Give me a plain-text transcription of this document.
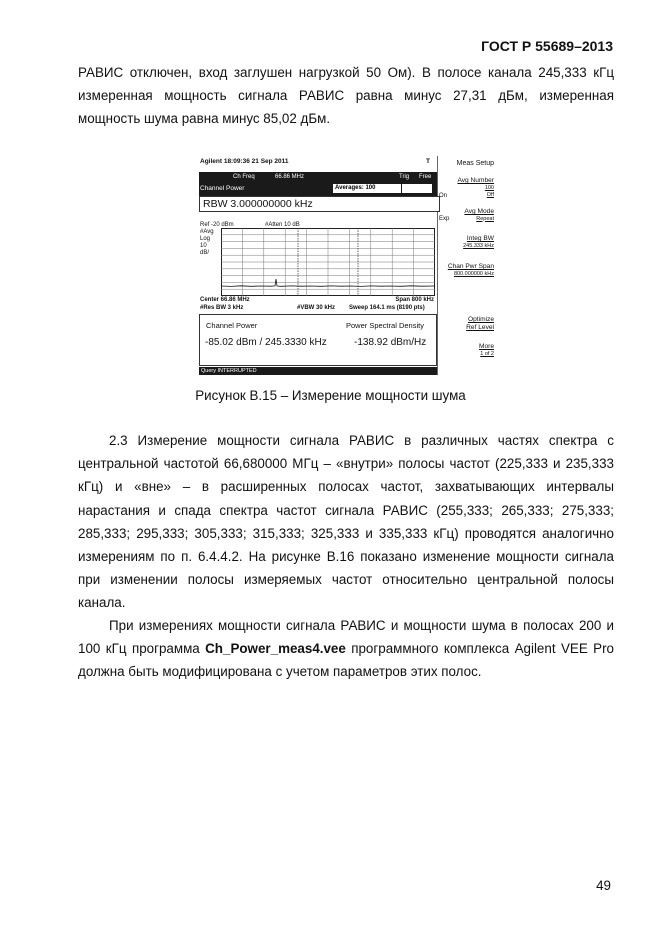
ГОСТ Р 55689–2013
РАВИС отключен, вход заглушен нагрузкой 50 Ом). В полосе канала 245,333 кГц измеренная мощность сигнала РАВИС равна минус 27,31 дБм, измеренная мощность шума равна минус 85,02 дБм.
Agilent 18:09:36 21 Sep 2011	T
Ch Freq	66.86 MHz	Trig Free
Channel Power	Averages: 100
RBW 3.000000000 kHz
Ref -20 dBm	#Atten 10 dB
#Avg
Log
10
dB/
Center 66.86 MHz	Span 800 kHz
#Res BW 3 kHz	#VBW 30 kHz Sweep 164.1 ms (8190 pts)
Channel Power	Power Spectral Density
-85.02 dBm / 245.3330 kHz	-138.92 dBm/Hz
Query INTERRUPTED
Meas Setup
Avg Number
100
Off
On
Avg Mode
Repeat
Exp
Integ BW
245.333 kHz
Chan Pwr Span
800.000000 kHz
Optimize
Ref Level
More
1 of 2
Рисунок В.15 – Измерение мощности шума
2.3 Измерение мощности сигнала РАВИС в различных частях спектра с центральной частотой 66,680000 МГц – «внутри» полосы частот (225,333 и 235,333 кГц) и «вне» – в расширенных полосах частот, захватывающих интервалы нарастания и спада спектра частот сигнала РАВИС (255,333; 265,333; 275,333; 285,333; 295,333; 305,333; 315,333; 325,333 и 335,333 кГц) проводятся аналогично измерениям по п. 6.4.4.2. На рисунке В.16 показано изменение мощности сигнала при изменении полосы измеряемых частот относительно центральной полосы канала.
При измерениях мощности сигнала РАВИС и мощности шума в полосах 200 и 100 кГц программа Ch_Power_meas4.vee программного комплекса Agilent VEE Pro должна быть модифицирована с учетом параметров этих полос.
49
